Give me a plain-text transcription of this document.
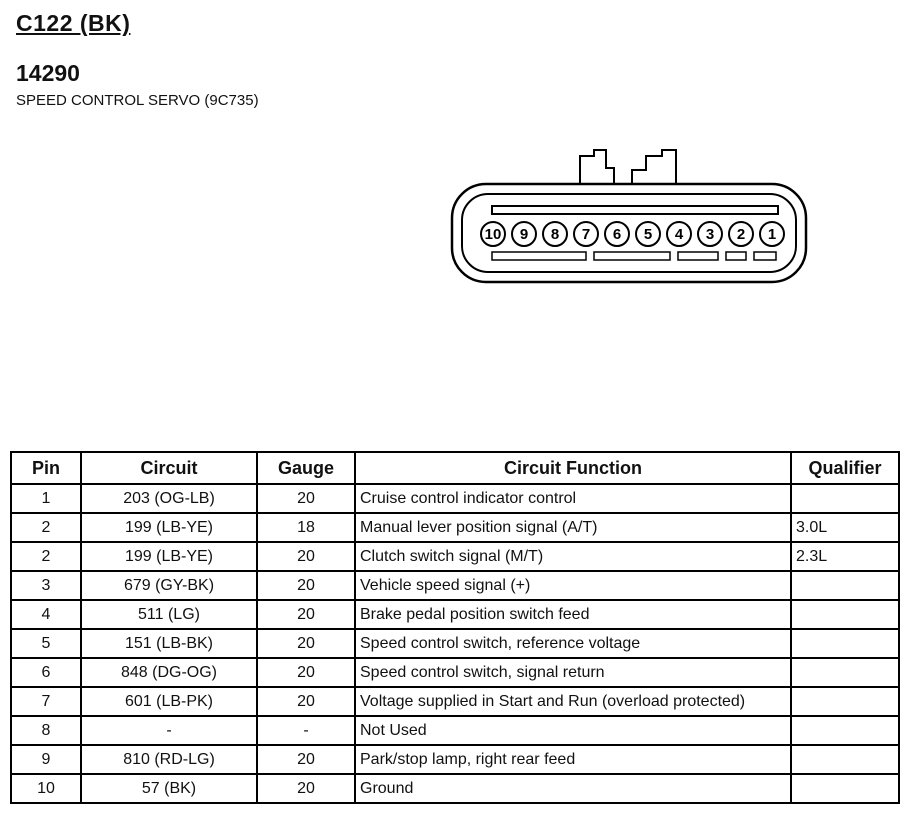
C122 (BK)
14290
SPEED CONTROL SERVO (9C735)
10 9 8 7 6 5 4 3 2 1
Pin	Circuit	Gauge	Circuit Function	Qualifier
1	203 (OG-LB)	20	Cruise control indicator control	
2	199 (LB-YE)	18	Manual lever position signal (A/T)	3.0L
2	199 (LB-YE)	20	Clutch switch signal (M/T)	2.3L
3	679 (GY-BK)	20	Vehicle speed signal (+)	
4	511 (LG)	20	Brake pedal position switch feed	
5	151 (LB-BK)	20	Speed control switch, reference voltage	
6	848 (DG-OG)	20	Speed control switch, signal return	
7	601 (LB-PK)	20	Voltage supplied in Start and Run (overload protected)	
8	-	-	Not Used	
9	810 (RD-LG)	20	Park/stop lamp, right rear feed	
10	57 (BK)	20	Ground	
